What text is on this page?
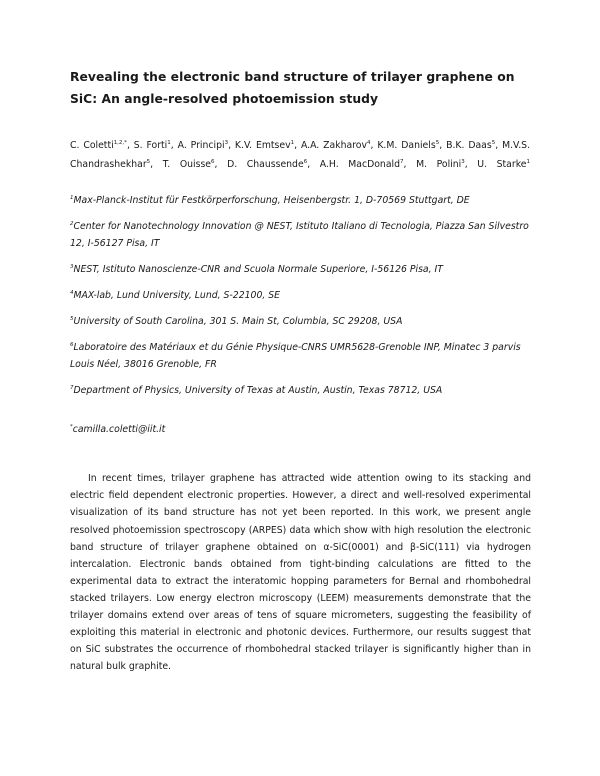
Revealing the electronic band structure of trilayer graphene on SiC: An angle-resolved photoemission study
C. Coletti$^{1,2,*}$, S. Forti$^1$, A. Principi$^3$, K.V. Emtsev$^1$, A.A. Zakharov$^4$, K.M. Daniels$^5$, B.K. Daas$^5$, M.V.S. Chandrashekhar$^5$, T. Ouisse$^6$, D. Chaussende$^6$, A.H. MacDonald$^7$, M. Polini$^3$, U. Starke$^1$
$^1$Max-Planck-Institut für Festkörperforschung, Heisenbergstr. 1, D-70569 Stuttgart, DE
$^2$Center for Nanotechnology Innovation @ NEST, Istituto Italiano di Tecnologia, Piazza San Silvestro 12, I-56127 Pisa, IT
$^3$NEST, Istituto Nanoscienze-CNR and Scuola Normale Superiore, I-56126 Pisa, IT
$^4$MAX-lab, Lund University, Lund, S-22100, SE
$^5$University of South Carolina, 301 S. Main St, Columbia, SC 29208, USA
$^6$Laboratoire des Matériaux et du Génie Physique-CNRS UMR5628-Grenoble INP, Minatec 3 parvis Louis Néel, 38016 Grenoble, FR
$^7$Department of Physics, University of Texas at Austin, Austin, Texas 78712, USA
*camilla.coletti@iit.it

In recent times, trilayer graphene has attracted wide attention owing to its stacking and electric field dependent electronic properties. However, a direct and well-resolved experimental visualization of its band structure has not yet been reported. In this work, we present angle resolved photoemission spectroscopy (ARPES) data which show with high resolution the electronic band structure of trilayer graphene obtained on α-SiC(0001) and β-SiC(111) via hydrogen intercalation. Electronic bands obtained from tight-binding calculations are fitted to the experimental data to extract the interatomic hopping parameters for Bernal and rhombohedral stacked trilayers. Low energy electron microscopy (LEEM) measurements demonstrate that the trilayer domains extend over areas of tens of square micrometers, suggesting the feasibility of exploiting this material in electronic and photonic devices. Furthermore, our results suggest that on SiC substrates the occurrence of rhombohedral stacked trilayer is significantly higher than in natural bulk graphite.
